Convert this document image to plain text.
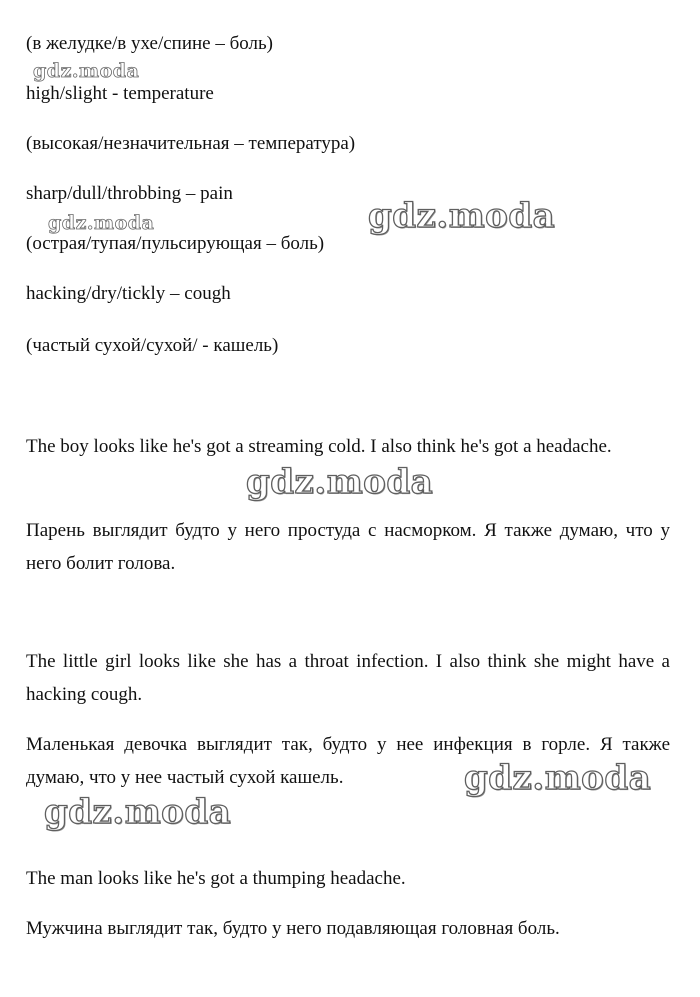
(в желудке/в ухе/спине – боль)

high/slight - temperature

(высокая/незначительная – температура)

sharp/dull/throbbing – pain

(острая/тупая/пульсирующая – боль)

hacking/dry/tickly – cough

(частый сухой/сухой/ - кашель)

The boy looks like he's got a streaming cold. I also think he's got a headache.

Парень выглядит будто у него простуда с насморком. Я также думаю, что у него болит голова.

The little girl looks like she has a throat infection. I also think she might have a hacking cough.

Маленькая девочка выглядит так, будто у нее инфекция в горле. Я также думаю, что у нее частый сухой кашель.

The man looks like he's got a thumping headache.

Мужчина выглядит так, будто у него подавляющая головная боль.

gdz.moda
gdz.moda	gdz.moda
gdz.moda
gdz.moda
gdz.moda
